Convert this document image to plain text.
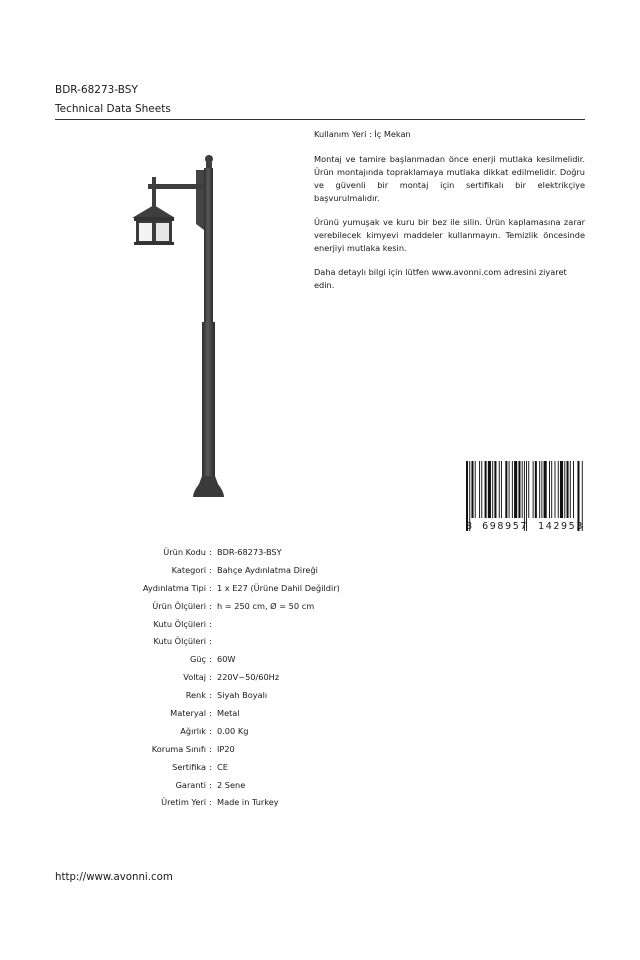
BDR-68273-BSY
Technical Data Sheets

Kullanım Yeri : İç Mekan

Montaj ve tamire başlanmadan önce enerji mutlaka kesilmelidir. Ürün montajında topraklamaya mutlaka dikkat edilmelidir. Doğru ve güvenli bir montaj için sertifikalı bir elektrikçiye başvurulmalıdır.

Ürünü yumuşak ve kuru bir bez ile silin. Ürün kaplamasına zarar verebilecek kimyevi maddeler kullanmayın. Temizlik öncesinde enerjiyi mutlaka kesin.

Daha detaylı bilgi için lütfen www.avonni.com adresini ziyaret edin.

8 698957 142953
Ürün Kodu : BDR-68273-BSY
Kategori : Bahçe Aydınlatma Direği
Aydınlatma Tipi : 1 x E27 (Ürüne Dahil Değildir)
Ürün Ölçüleri : h = 250 cm, Ø = 50 cm
Kutu Ölçüleri :
Kutu Ölçüleri :
Güç : 60W
Voltaj : 220V~50/60Hz
Renk : Siyah Boyalı
Materyal : Metal
Ağırlık : 0.00 Kg
Koruma Sınıfı : IP20
Sertifika : CE
Garanti : 2 Sene
Üretim Yeri : Made in Turkey
http://www.avonni.com
